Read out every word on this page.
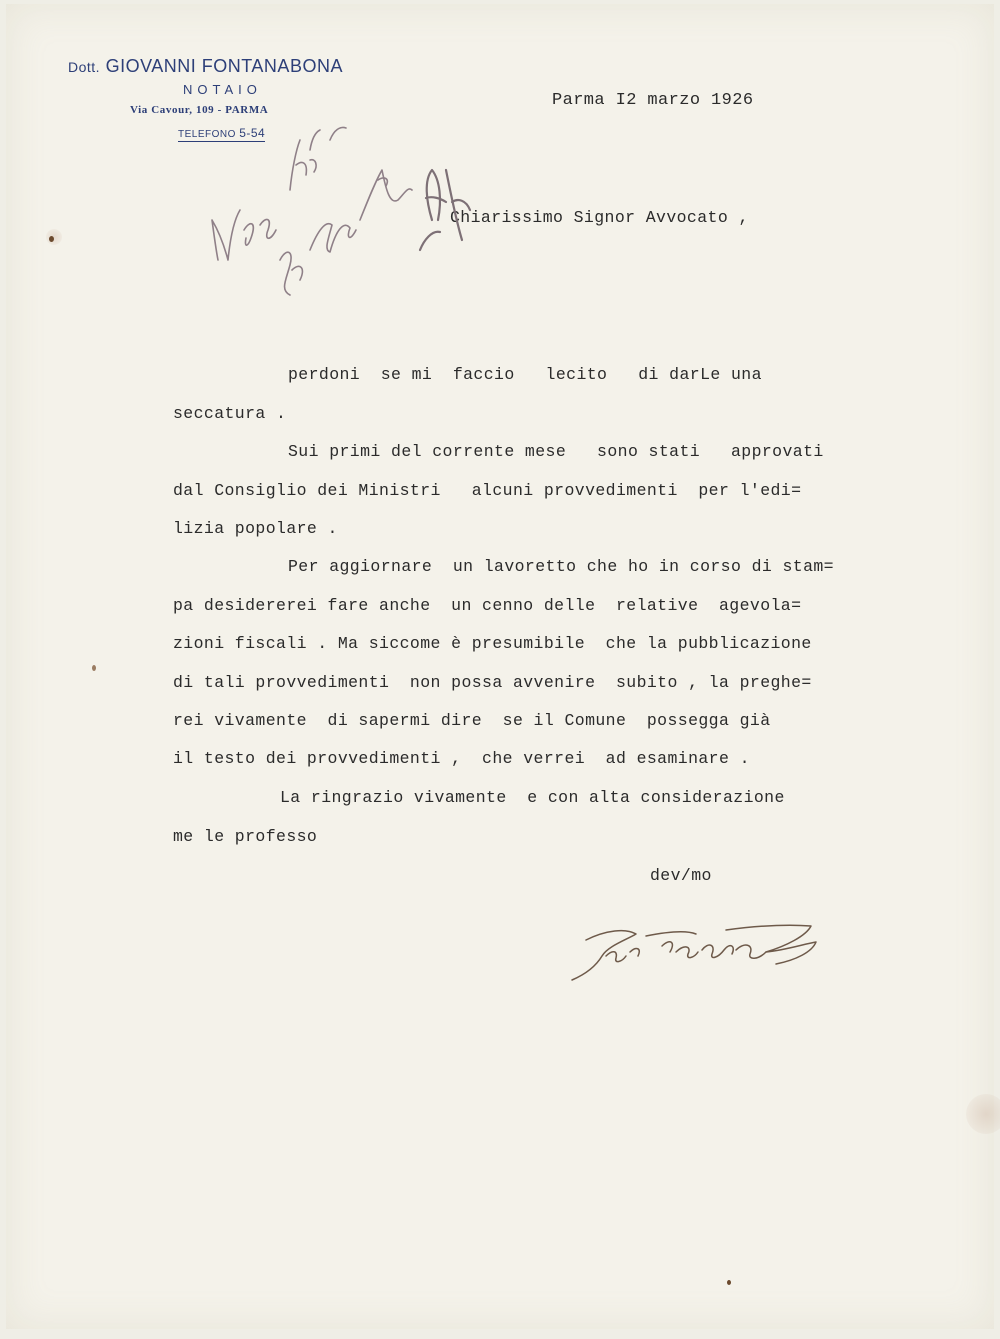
Dott. GIOVANNI FONTANABONA
NOTAIO
Via Cavour, 109 - PARMA
TELEFONO 5-54
Parma I2 marzo 1926
Chiarissimo Signor Avvocato ,
perdoni  se mi  faccio   lecito   di darLe una
seccatura .
Sui primi del corrente mese   sono stati   approvati
dal Consiglio dei Ministri   alcuni provvedimenti  per l'edi=
lizia popolare .
Per aggiornare  un lavoretto che ho in corso di stam=
pa desidererei fare anche  un cenno delle  relative  agevola=
zioni fiscali . Ma siccome è presumibile  che la pubblicazione
di tali provvedimenti  non possa avvenire  subito , la preghe=
rei vivamente  di sapermi dire  se il Comune  possegga già
il testo dei provvedimenti ,  che verrei  ad esaminare .
La ringrazio vivamente  e con alta considerazione
me le professo
dev/mo
